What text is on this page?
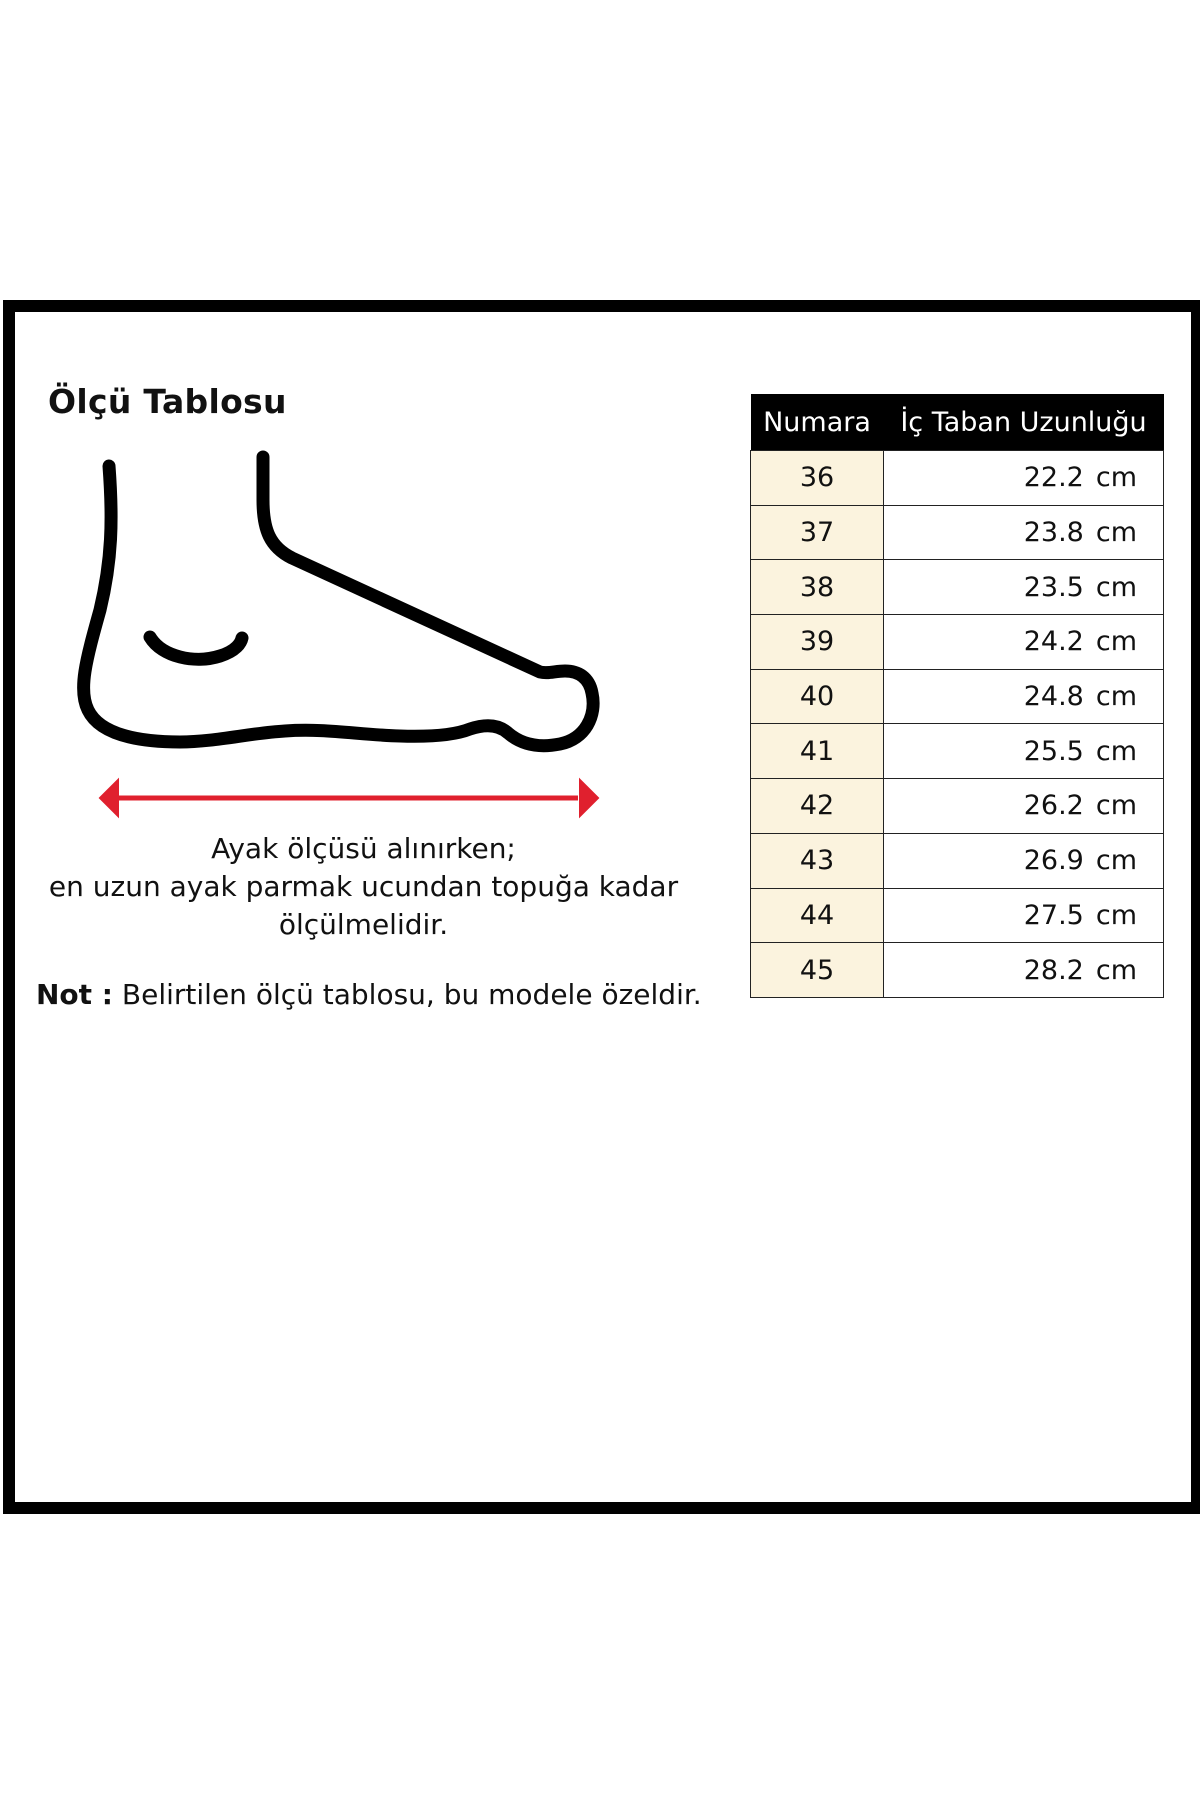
Ölçü Tablosu
Ayak ölçüsü alınırken;
en uzun ayak parmak ucundan topuğa kadar
ölçülmelidir.
Not : Belirtilen ölçü tablosu, bu modele özeldir.
Numara	İç Taban Uzunluğu
36	22.2 cm
37	23.8 cm
38	23.5 cm
39	24.2 cm
40	24.8 cm
41	25.5 cm
42	26.2 cm
43	26.9 cm
44	27.5 cm
45	28.2 cm
